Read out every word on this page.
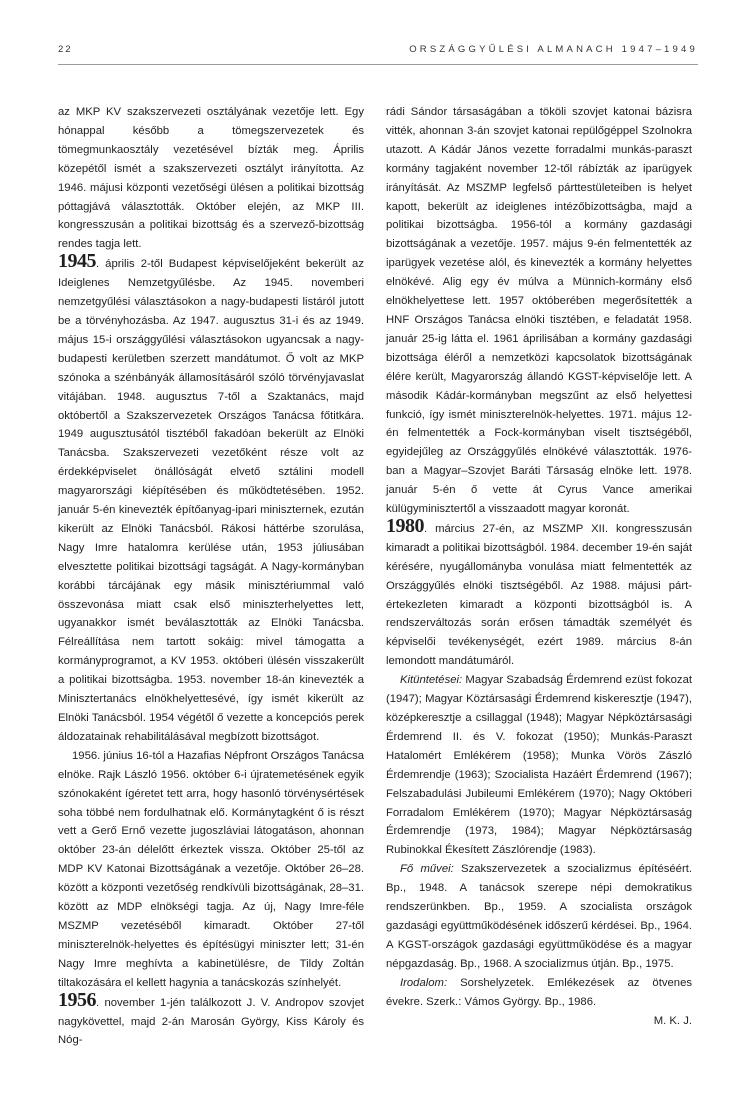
22	ORSZÁGGYŰLÉSI ALMANACH 1947–1949

az MKP KV szakszervezeti osztályának vezetője lett. Egy hónappal később a tömegszervezetek és tömegmunkaosztály vezetésével bízták meg. Április közepétől ismét a szakszervezeti osztályt irányította. Az 1946. májusi központi vezetőségi ülésen a politikai bizottság póttagjává választották. Október elején, az MKP III. kongresszusán a politikai bizottság és a szervező-bizottság rendes tagja lett.

1945. április 2-től Budapest képviselőjeként bekerült az Ideiglenes Nemzetgyűlésbe. Az 1945. novemberi nemzetgyűlési választásokon a nagy-budapesti listáról jutott be a törvényhozásba. Az 1947. augusztus 31-i és az 1949. május 15-i országgyűlési választásokon ugyancsak a nagy-budapesti kerületben szerzett mandátumot. Ő volt az MKP szónoka a szénbányák államosításáról szóló törvényjavaslat vitájában. 1948. augusztus 7-től a Szaktanács, majd októbertől a Szakszervezetek Országos Tanácsa főtitkára. 1949 augusztusától tisztéből fakadóan bekerült az Elnöki Tanácsba. Szakszervezeti vezetőként része volt az érdekképviselet önállóságát elvető sztálini modell magyarországi kiépítésében és működtetésében. 1952. január 5-én kinevezték építőanyag-ipari miniszternek, ezután kikerült az Elnöki Tanácsból. Rákosi háttérbe szorulása, Nagy Imre hatalomra kerülése után, 1953 júliusában elvesztette politikai bizottsági tagságát. A Nagy-kormányban korábbi tárcájának egy másik minisztériummal való összevonása miatt csak első miniszterhelyettes lett, ugyanakkor ismét beválasztották az Elnöki Tanácsba. Félreállítása nem tartott sokáig: mivel támogatta a kormányprogramot, a KV 1953. októberi ülésén visszakerült a politikai bizottságba. 1953. november 18-án kinevezték a Minisztertanács elnökhelyettesévé, így ismét kikerült az Elnöki Tanácsból. 1954 végétől ő vezette a koncepciós perek áldozatainak rehabilitálásával megbízott bizottságot.

1956. június 16-tól a Hazafias Népfront Országos Tanácsa elnöke. Rajk László 1956. október 6-i újratemetésének egyik szónokaként ígéretet tett arra, hogy hasonló törvénysértések soha többé nem fordulhatnak elő. Kormánytagként ő is részt vett a Gerő Ernő vezette jugoszláviai látogatáson, ahonnan október 23-án délelőtt érkeztek vissza. Október 25-től az MDP KV Katonai Bizottságának a vezetője. Október 26–28. között a központi vezetőség rendkívüli bizottságának, 28–31. között az MDP elnökségi tagja. Az új, Nagy Imre-féle MSZMP vezetéséből kimaradt. Október 27-től miniszterelnök-helyettes és építésügyi miniszter lett; 31-én Nagy Imre meghívta a kabinetülésre, de Tildy Zoltán tiltakozására el kellett hagynia a tanácskozás színhelyét.

1956. november 1-jén találkozott J. V. Andropov szovjet nagykövettel, majd 2-án Marosán György, Kiss Károly és Nóg-

rádi Sándor társaságában a tököli szovjet katonai bázisra vitték, ahonnan 3-án szovjet katonai repülőgéppel Szolnokra utazott. A Kádár János vezette forradalmi munkás-paraszt kormány tagjaként november 12-től rábízták az iparügyek irányítását. Az MSZMP legfelső párttestületeiben is helyet kapott, bekerült az ideiglenes intézőbizottságba, majd a politikai bizottságba. 1956-tól a kormány gazdasági bizottságának a vezetője. 1957. május 9-én felmentették az iparügyek vezetése alól, és kinevezték a kormány helyettes elnökévé. Alig egy év múlva a Münnich-kormány első elnökhelyettese lett. 1957 októberében megerősítették a HNF Országos Tanácsa elnöki tisztében, e feladatát 1958. január 25-ig látta el. 1961 áprilisában a kormány gazdasági bizottsága éléről a nemzetközi kapcsolatok bizottságának élére került, Magyarország állandó KGST-képviselője lett. A második Kádár-kormányban megszűnt az első helyettesi funkció, így ismét miniszterelnök-helyettes. 1971. május 12-én felmentették a Fock-kormányban viselt tisztségéből, egyidejűleg az Országgyűlés elnökévé választották. 1976-ban a Magyar–Szovjet Baráti Társaság elnöke lett. 1978. január 5-én ő vette át Cyrus Vance amerikai külügyminisztertől a visszaadott magyar koronát.

1980. március 27-én, az MSZMP XII. kongresszusán kimaradt a politikai bizottságból. 1984. december 19-én saját kérésére, nyugállományba vonulása miatt felmentették az Országgyűlés elnöki tisztségéből. Az 1988. májusi párt-értekezleten kimaradt a központi bizottságból is. A rendszerváltozás során erősen támadták személyét és képviselői tevékenységét, ezért 1989. március 8-án lemondott mandátumáról.

Kitüntetései: Magyar Szabadság Érdemrend ezüst fokozat (1947); Magyar Köztársasági Érdemrend kiskeresztje (1947), középkeresztje a csillaggal (1948); Magyar Népköztársasági Érdemrend II. és V. fokozat (1950); Munkás-Paraszt Hatalomért Emlékérem (1958); Munka Vörös Zászló Érdemrendje (1963); Szocialista Hazáért Érdemrend (1967); Felszabadulási Jubileumi Emlékérem (1970); Nagy Októberi Forradalom Emlékérem (1970); Magyar Népköztársaság Érdemrendje (1973, 1984); Magyar Népköztársaság Rubinokkal Ékesített Zászlórendje (1983).

Fő művei: Szakszervezetek a szocializmus építéséért. Bp., 1948. A tanácsok szerepe népi demokratikus rendszerünkben. Bp., 1959. A szocialista országok gazdasági együttműködésének időszerű kérdései. Bp., 1964. A KGST-országok gazdasági együttműködése és a magyar népgazdaság. Bp., 1968. A szocializmus útján. Bp., 1975.

Irodalom: Sorshelyzetek. Emlékezések az ötvenes évekre. Szerk.: Vámos György. Bp., 1986.

M. K. J.
